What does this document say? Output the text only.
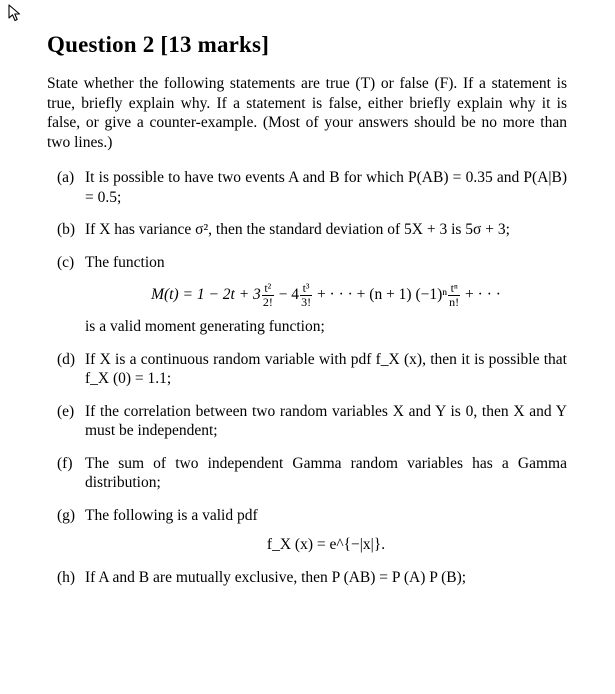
Question 2 [13 marks]

State whether the following statements are true (T) or false (F). If a statement is true, briefly explain why. If a statement is false, either briefly explain why it is false, or give a counter-example. (Most of your answers should be no more than two lines.)

(a) It is possible to have two events A and B for which P(AB) = 0.35 and P(A|B) = 0.5;
(b) If X has variance σ², then the standard deviation of 5X + 3 is 5σ + 3;
(c) The function
$M(t) = 1 - 2t + 3 \frac{\text{t²}}{2!} - 4 \frac{\text{t³}}{3!}$ + · · · + (n + 1) $(-1)^n \frac{\text{tⁿ}}{n!}$ + · · ·
is a valid moment generating function;
(d) If X is a continuous random variable with pdf f_X (x), then it is possible that f_X (0) = 1.1;
(e) If the correlation between two random variables X and Y is 0, then X and Y must be independent;
(f) The sum of two independent Gamma random variables has a Gamma distribution;
(g) The following is a valid pdf
f_X (x) = e^{−|x|}.
(h) If A and B are mutually exclusive, then P (AB) = P (A) P (B);
